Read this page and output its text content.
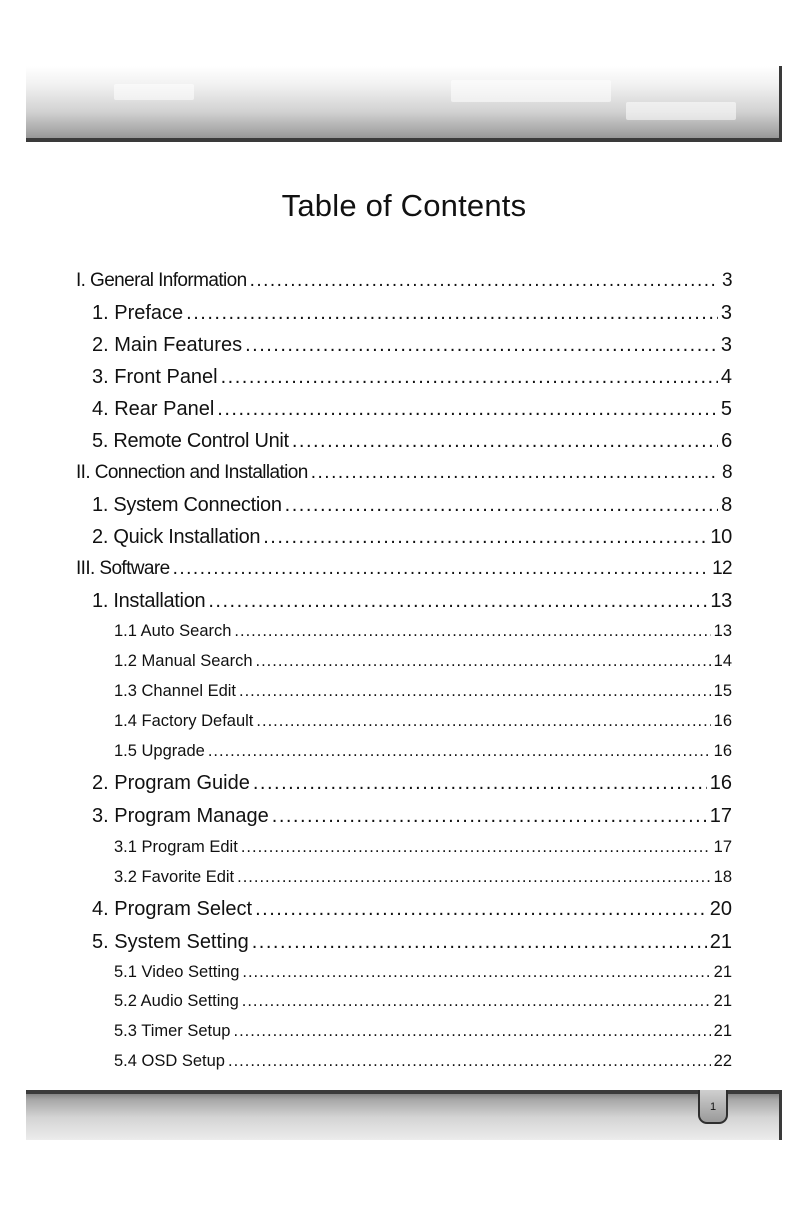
Table of Contents
I. General Information .....	3
1. Preface .....	3
2. Main Features .....	3
3. Front Panel .....	4
4. Rear Panel .....	5
5. Remote Control Unit .....	6
II. Connection and Installation .....	8
1. System Connection .....	8
2. Quick Installation .....	10
III. Software .....	12
1. Installation .....	13
1.1 Auto Search .....	13
1.2 Manual Search .....	14
1.3 Channel Edit .....	15
1.4 Factory Default .....	16
1.5 Upgrade .....	16
2. Program Guide .....	16
3. Program Manage .....	17
3.1 Program Edit .....	17
3.2 Favorite Edit .....	18
4. Program Select .....	20
5. System Setting .....	21
5.1 Video Setting .....	21
5.2 Audio Setting .....	21
5.3 Timer Setup .....	21
5.4 OSD Setup .....	22
1
